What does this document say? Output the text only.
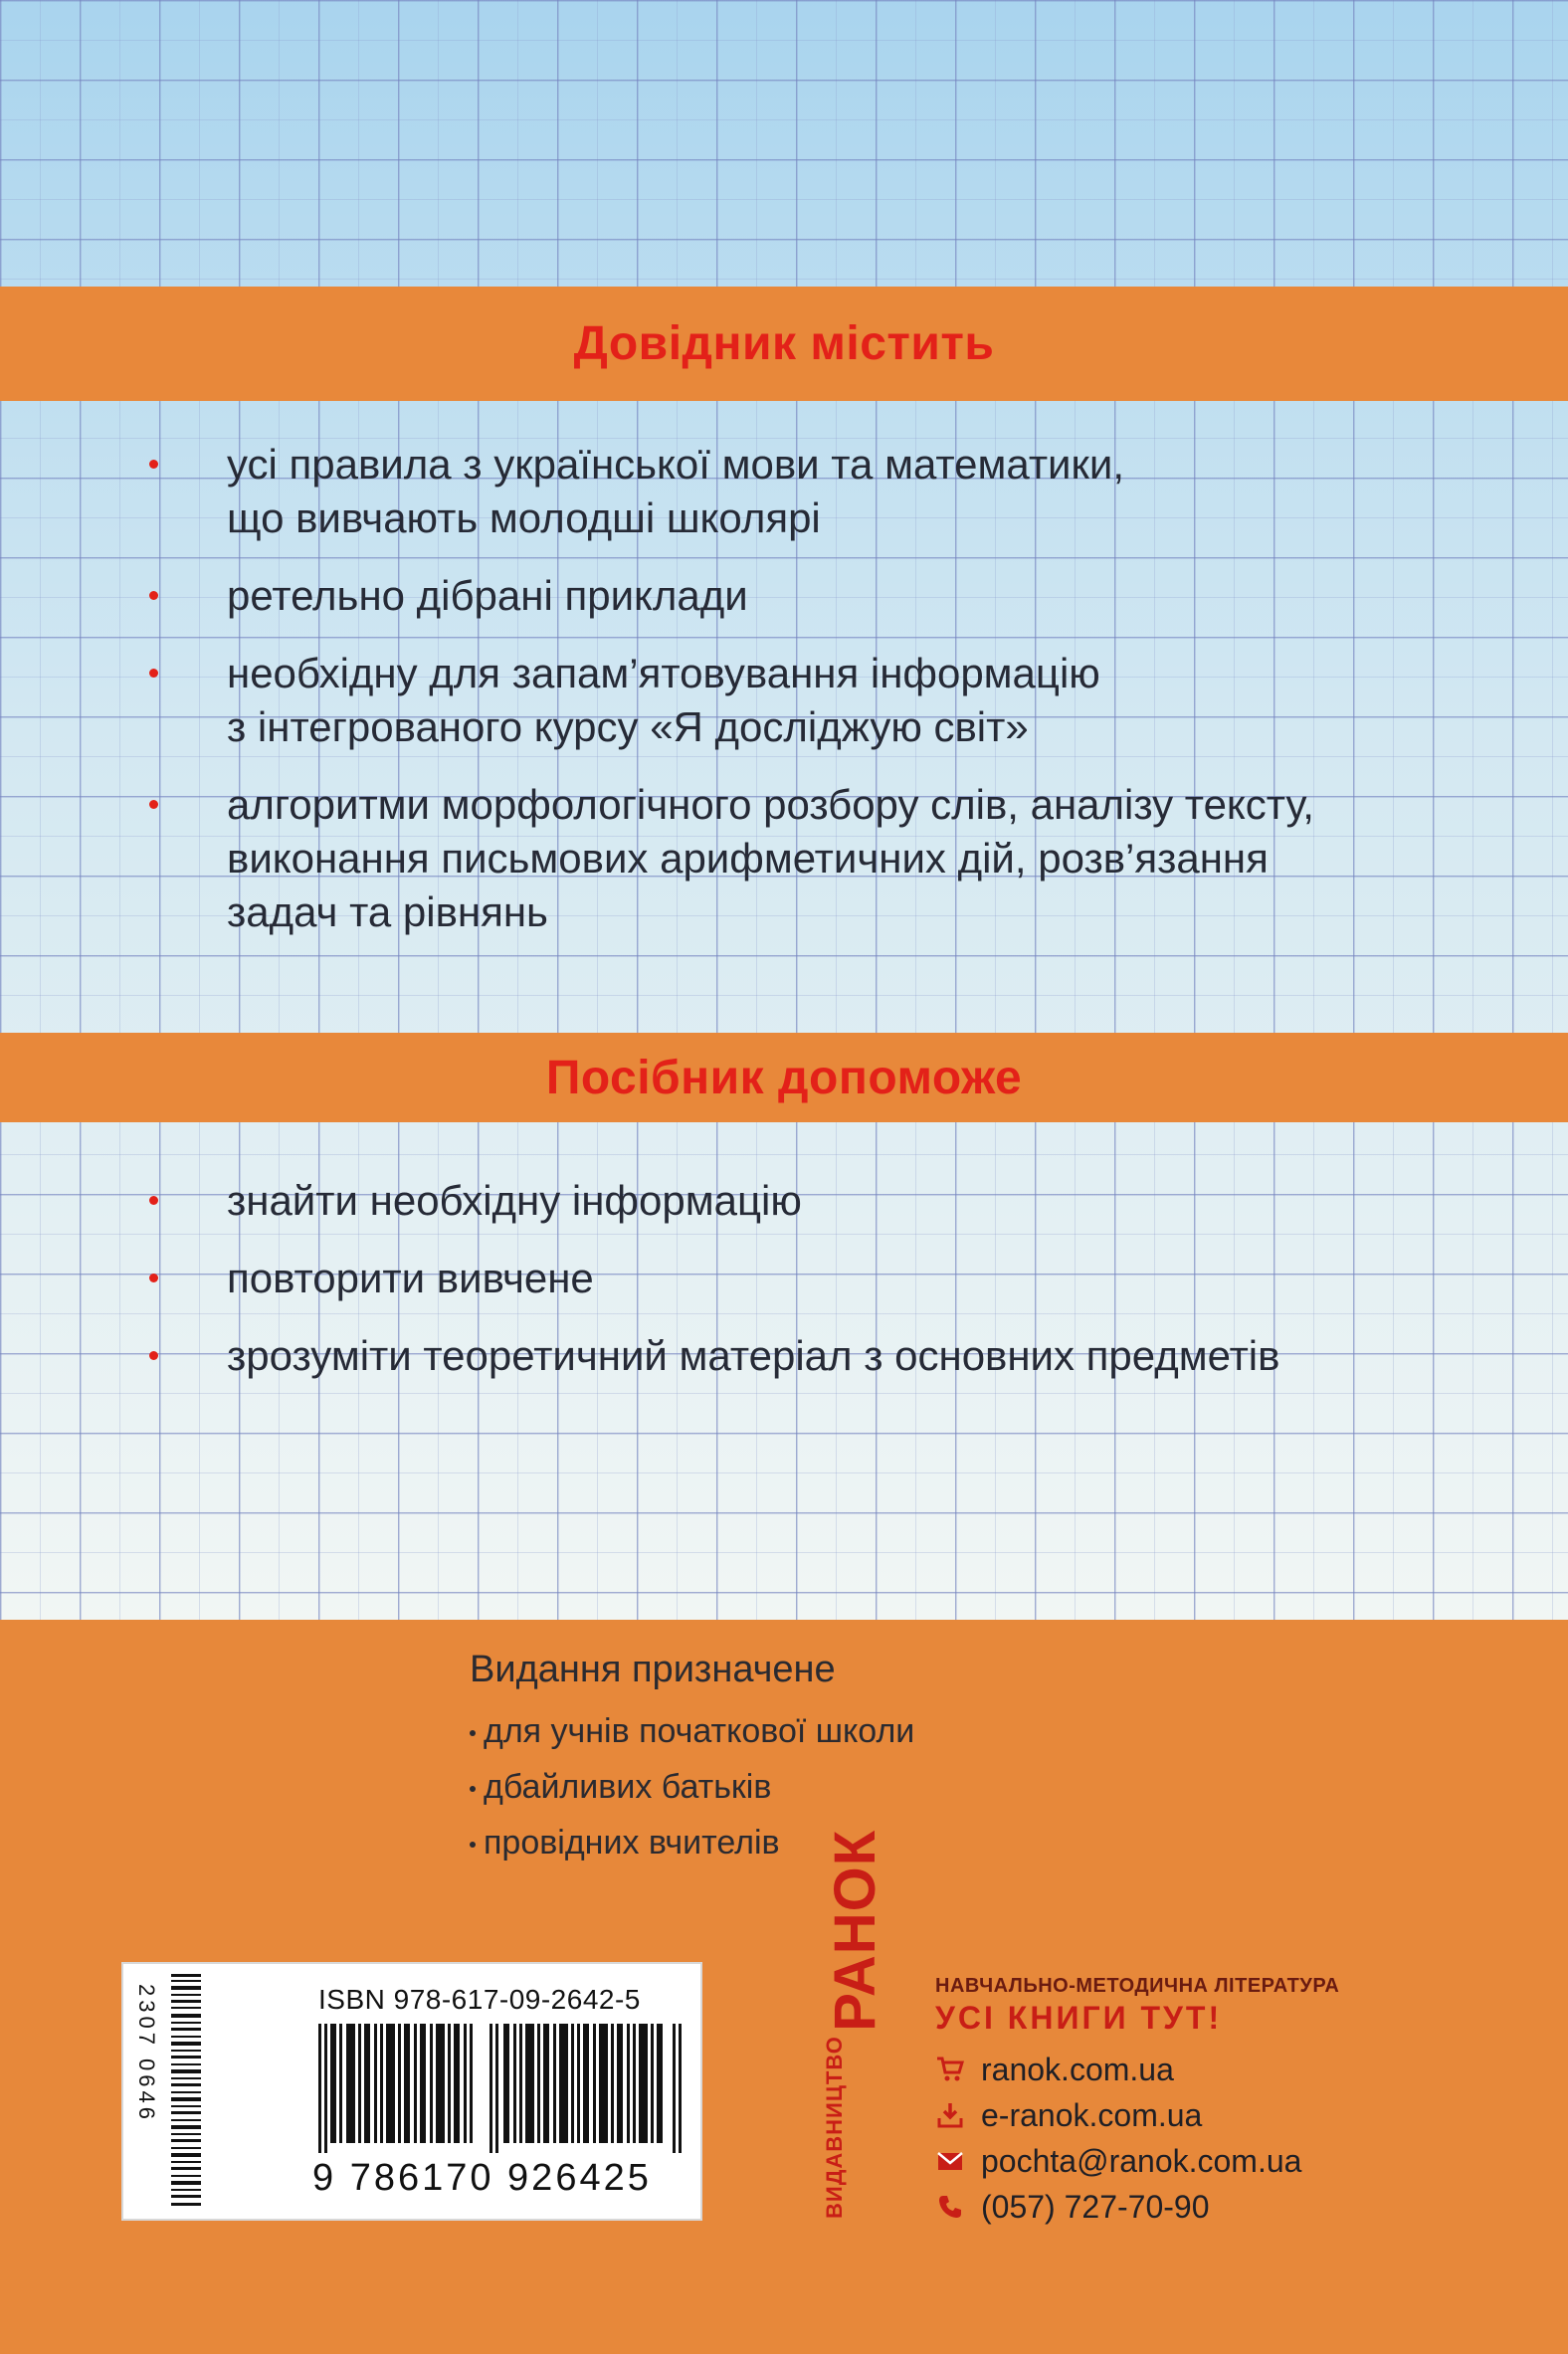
Довідник містить
усі правила з української мови та математики,
що вивчають молодші школярі
ретельно дібрані приклади
необхідну для запам’ятовування інформацію
з інтегрованого курсу «Я досліджую світ»
алгоритми морфологічного розбору слів, аналізу тексту,
виконання письмових арифметичних дій, розв’язання
задач та рівнянь
Посібник допоможе
знайти необхідну інформацію
повторити вивчене
зрозуміти теоретичний матеріал з основних предметів
Видання призначене
для учнів початкової школи
дбайливих батьків
провідних вчителів
2307 0646	ISBN 978-617-09-2642-5
9 786170 926425	ВИДАВНИЦТВО РАНОК НАВЧАЛЬНО-МЕТОДИЧНА ЛІТЕРАТУРА
УСІ КНИГИ ТУТ!
ranok.com.ua
e-ranok.com.ua
pochta@ranok.com.ua
(057) 727-70-90
